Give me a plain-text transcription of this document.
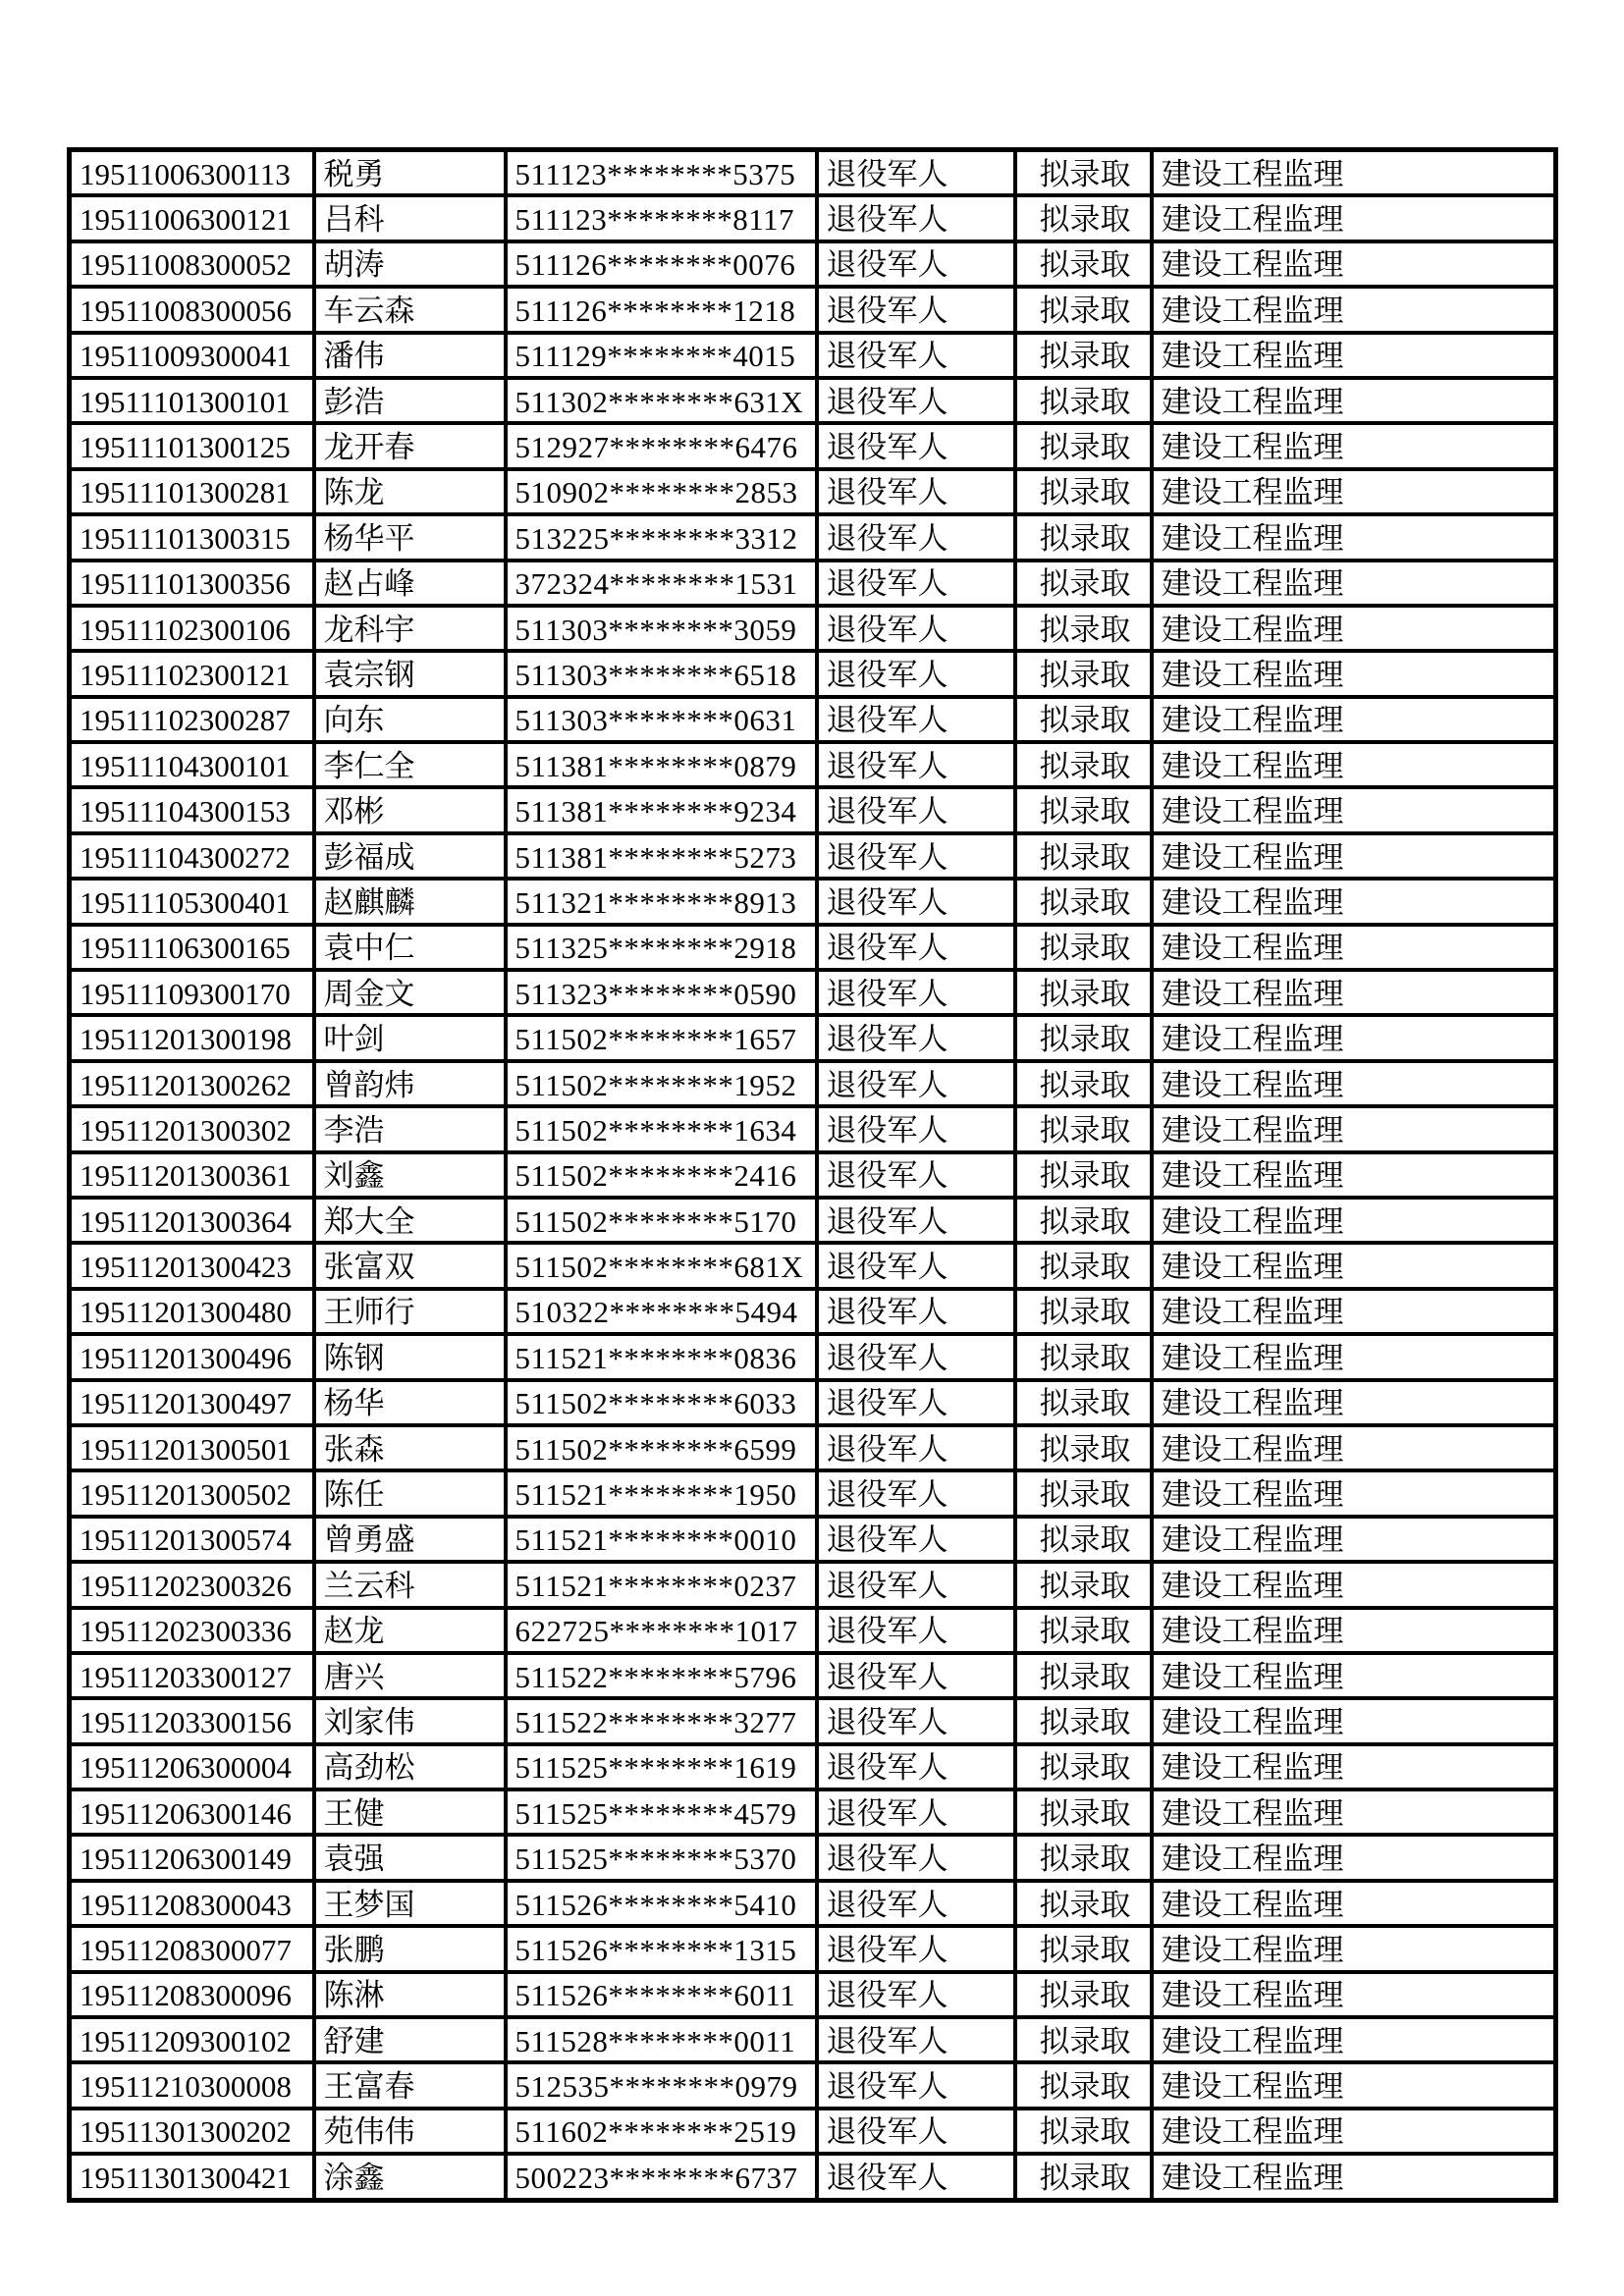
19511006300113	税勇	511123********5375	退役军人	拟录取	建设工程监理
19511006300121	吕科	511123********8117	退役军人	拟录取	建设工程监理
19511008300052	胡涛	511126********0076	退役军人	拟录取	建设工程监理
19511008300056	车云森	511126********1218	退役军人	拟录取	建设工程监理
19511009300041	潘伟	511129********4015	退役军人	拟录取	建设工程监理
19511101300101	彭浩	511302********631X	退役军人	拟录取	建设工程监理
19511101300125	龙开春	512927********6476	退役军人	拟录取	建设工程监理
19511101300281	陈龙	510902********2853	退役军人	拟录取	建设工程监理
19511101300315	杨华平	513225********3312	退役军人	拟录取	建设工程监理
19511101300356	赵占峰	372324********1531	退役军人	拟录取	建设工程监理
19511102300106	龙科宇	511303********3059	退役军人	拟录取	建设工程监理
19511102300121	袁宗钢	511303********6518	退役军人	拟录取	建设工程监理
19511102300287	向东	511303********0631	退役军人	拟录取	建设工程监理
19511104300101	李仁全	511381********0879	退役军人	拟录取	建设工程监理
19511104300153	邓彬	511381********9234	退役军人	拟录取	建设工程监理
19511104300272	彭福成	511381********5273	退役军人	拟录取	建设工程监理
19511105300401	赵麒麟	511321********8913	退役军人	拟录取	建设工程监理
19511106300165	袁中仁	511325********2918	退役军人	拟录取	建设工程监理
19511109300170	周金文	511323********0590	退役军人	拟录取	建设工程监理
19511201300198	叶剑	511502********1657	退役军人	拟录取	建设工程监理
19511201300262	曾韵炜	511502********1952	退役军人	拟录取	建设工程监理
19511201300302	李浩	511502********1634	退役军人	拟录取	建设工程监理
19511201300361	刘鑫	511502********2416	退役军人	拟录取	建设工程监理
19511201300364	郑大全	511502********5170	退役军人	拟录取	建设工程监理
19511201300423	张富双	511502********681X	退役军人	拟录取	建设工程监理
19511201300480	王师行	510322********5494	退役军人	拟录取	建设工程监理
19511201300496	陈钢	511521********0836	退役军人	拟录取	建设工程监理
19511201300497	杨华	511502********6033	退役军人	拟录取	建设工程监理
19511201300501	张森	511502********6599	退役军人	拟录取	建设工程监理
19511201300502	陈任	511521********1950	退役军人	拟录取	建设工程监理
19511201300574	曾勇盛	511521********0010	退役军人	拟录取	建设工程监理
19511202300326	兰云科	511521********0237	退役军人	拟录取	建设工程监理
19511202300336	赵龙	622725********1017	退役军人	拟录取	建设工程监理
19511203300127	唐兴	511522********5796	退役军人	拟录取	建设工程监理
19511203300156	刘家伟	511522********3277	退役军人	拟录取	建设工程监理
19511206300004	高劲松	511525********1619	退役军人	拟录取	建设工程监理
19511206300146	王健	511525********4579	退役军人	拟录取	建设工程监理
19511206300149	袁强	511525********5370	退役军人	拟录取	建设工程监理
19511208300043	王梦国	511526********5410	退役军人	拟录取	建设工程监理
19511208300077	张鹏	511526********1315	退役军人	拟录取	建设工程监理
19511208300096	陈淋	511526********6011	退役军人	拟录取	建设工程监理
19511209300102	舒建	511528********0011	退役军人	拟录取	建设工程监理
19511210300008	王富春	512535********0979	退役军人	拟录取	建设工程监理
19511301300202	苑伟伟	511602********2519	退役军人	拟录取	建设工程监理
19511301300421	涂鑫	500223********6737	退役军人	拟录取	建设工程监理
